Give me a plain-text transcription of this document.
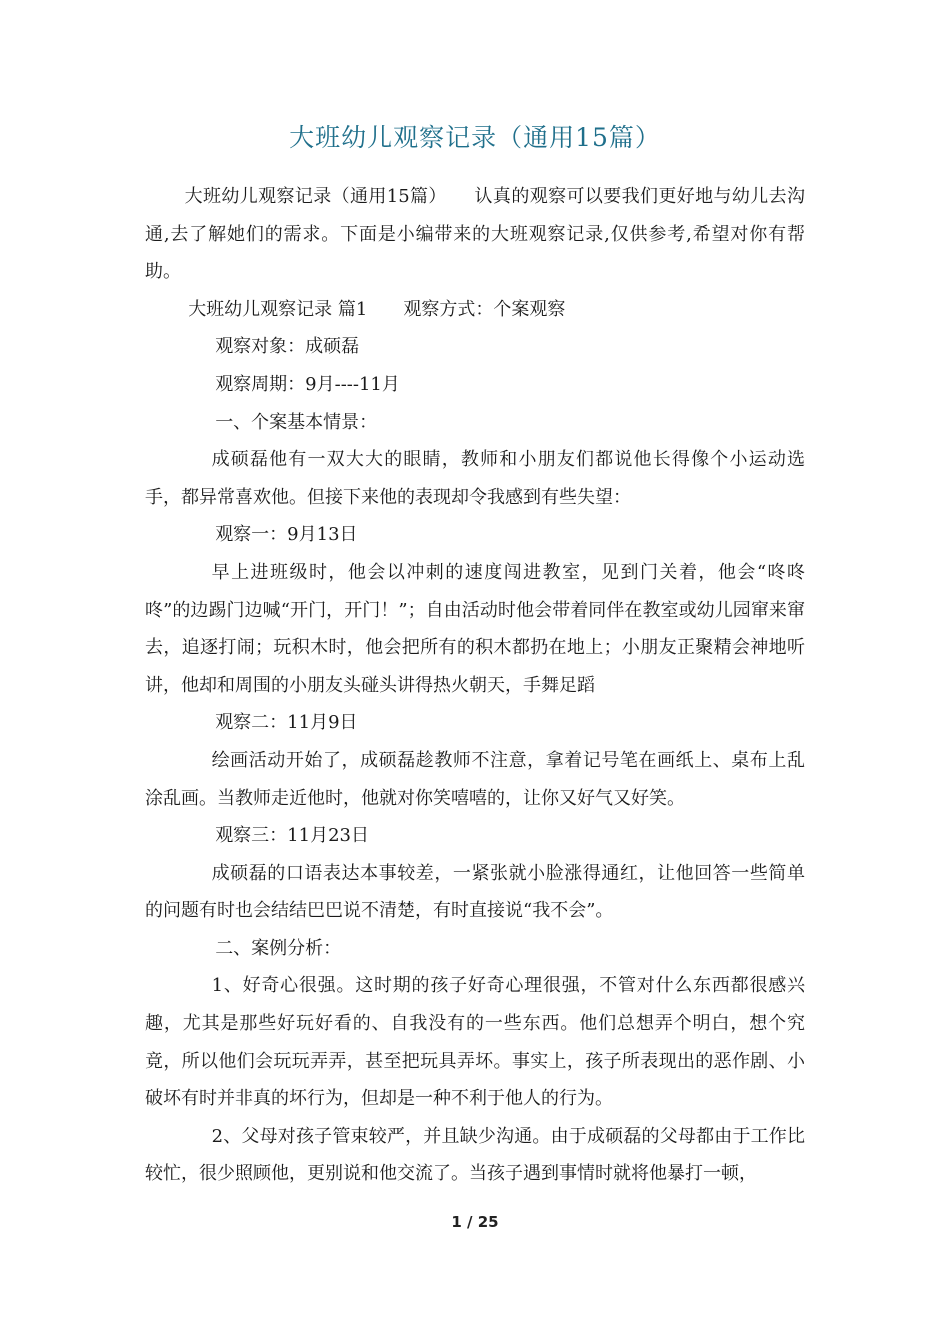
大班幼儿观察记录（通用15篇）

大班幼儿观察记录（通用15篇）　　认真的观察可以要我们更好地与幼儿去沟通,去了解她们的需求。下面是小编带来的大班观察记录,仅供参考,希望对你有帮助。

大班幼儿观察记录 篇1　　观察方式：个案观察

观察对象：成硕磊

观察周期：9月----11月

一、个案基本情景：

成硕磊他有一双大大的眼睛，教师和小朋友们都说他长得像个小运动选手，都异常喜欢他。但接下来他的表现却令我感到有些失望：

观察一：9月13日

早上进班级时，他会以冲刺的速度闯进教室，见到门关着，他会“咚咚咚”的边踢门边喊“开门，开门！”；自由活动时他会带着同伴在教室或幼儿园窜来窜去，追逐打闹；玩积木时，他会把所有的积木都扔在地上；小朋友正聚精会神地听讲，他却和周围的小朋友头碰头讲得热火朝天，手舞足蹈

观察二：11月9日

绘画活动开始了，成硕磊趁教师不注意，拿着记号笔在画纸上、桌布上乱涂乱画。当教师走近他时，他就对你笑嘻嘻的，让你又好气又好笑。

观察三：11月23日

成硕磊的口语表达本事较差，一紧张就小脸涨得通红，让他回答一些简单的问题有时也会结结巴巴说不清楚，有时直接说“我不会”。

二、案例分析：

1、好奇心很强。这时期的孩子好奇心理很强，不管对什么东西都很感兴趣，尤其是那些好玩好看的、自我没有的一些东西。他们总想弄个明白，想个究竟，所以他们会玩玩弄弄，甚至把玩具弄坏。事实上，孩子所表现出的恶作剧、小破坏有时并非真的坏行为，但却是一种不利于他人的行为。

2、父母对孩子管束较严，并且缺少沟通。由于成硕磊的父母都由于工作比较忙，很少照顾他，更别说和他交流了。当孩子遇到事情时就将他暴打一顿，

1 / 25
